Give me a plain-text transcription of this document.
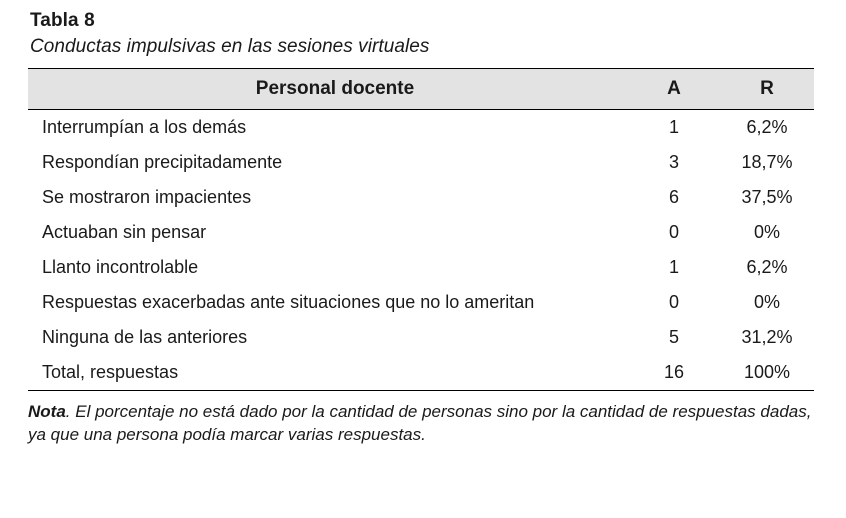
Tabla 8
Conductas impulsivas en las sesiones virtuales
Personal docente	A	R
Interrumpían a los demás	1	6,2%
Respondían precipitadamente	3	18,7%
Se mostraron impacientes	6	37,5%
Actuaban sin pensar	0	0%
Llanto incontrolable	1	6,2%
Respuestas exacerbadas ante situaciones que no lo ameritan	0	0%
Ninguna de las anteriores	5	31,2%
Total, respuestas	16	100%
Nota. El porcentaje no está dado por la cantidad de personas sino por la cantidad de respuestas dadas, ya que una persona podía marcar varias respuestas.
